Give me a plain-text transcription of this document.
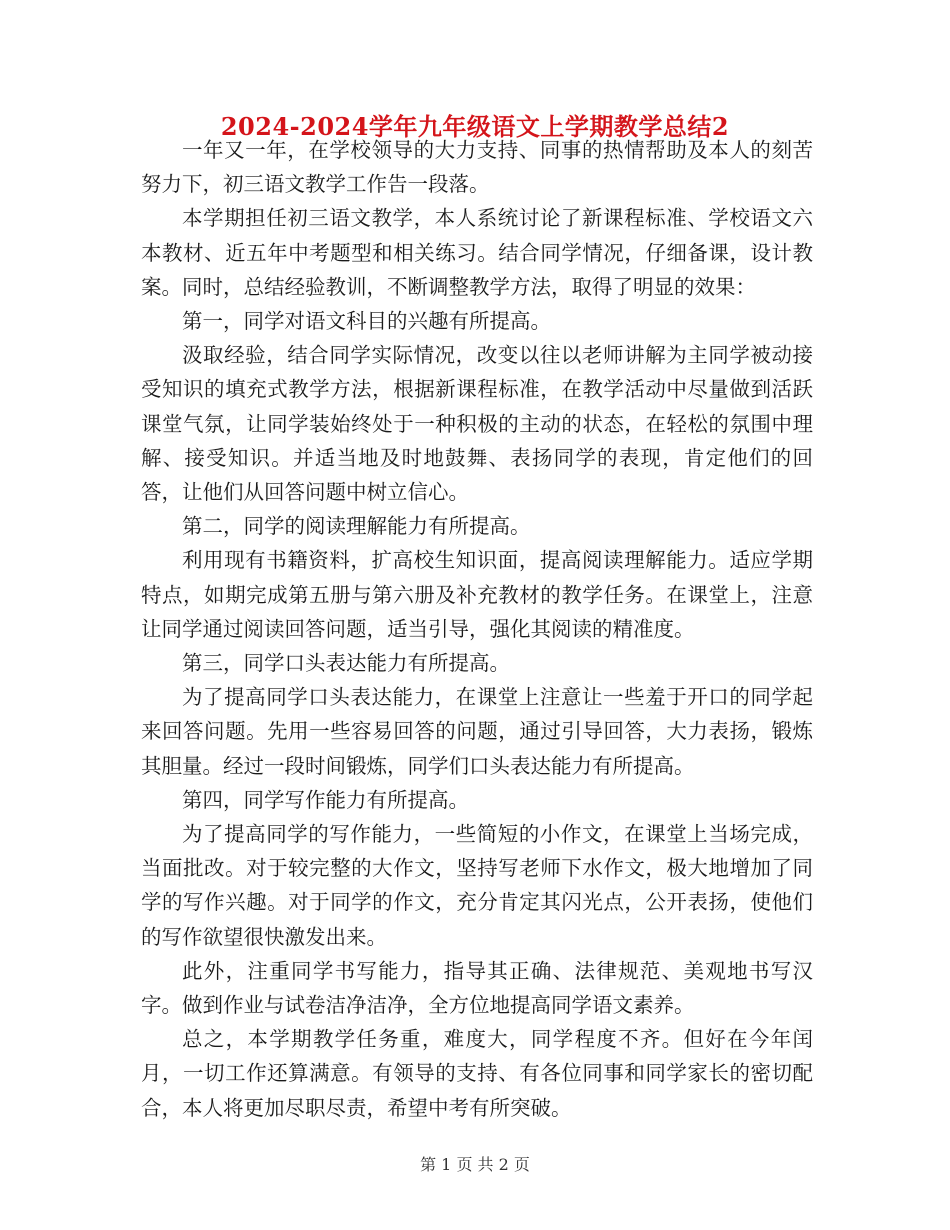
2024-2024学年九年级语文上学期教学总结2

一年又一年，在学校领导的大力支持、同事的热情帮助及本人的刻苦努力下，初三语文教学工作告一段落。

本学期担任初三语文教学，本人系统讨论了新课程标准、学校语文六本教材、近五年中考题型和相关练习。结合同学情况，仔细备课，设计教案。同时，总结经验教训，不断调整教学方法，取得了明显的效果：

第一，同学对语文科目的兴趣有所提高。

汲取经验，结合同学实际情况，改变以往以老师讲解为主同学被动接受知识的填充式教学方法，根据新课程标准，在教学活动中尽量做到活跃课堂气氛，让同学装始终处于一种积极的主动的状态，在轻松的氛围中理解、接受知识。并适当地及时地鼓舞、表扬同学的表现，肯定他们的回答，让他们从回答问题中树立信心。

第二，同学的阅读理解能力有所提高。

利用现有书籍资料，扩高校生知识面，提高阅读理解能力。适应学期特点，如期完成第五册与第六册及补充教材的教学任务。在课堂上，注意让同学通过阅读回答问题，适当引导，强化其阅读的精准度。

第三，同学口头表达能力有所提高。

为了提高同学口头表达能力，在课堂上注意让一些羞于开口的同学起来回答问题。先用一些容易回答的问题，通过引导回答，大力表扬，锻炼其胆量。经过一段时间锻炼，同学们口头表达能力有所提高。

第四，同学写作能力有所提高。

为了提高同学的写作能力，一些简短的小作文，在课堂上当场完成，当面批改。对于较完整的大作文，坚持写老师下水作文，极大地增加了同学的写作兴趣。对于同学的作文，充分肯定其闪光点，公开表扬，使他们的写作欲望很快激发出来。

此外，注重同学书写能力，指导其正确、法律规范、美观地书写汉字。做到作业与试卷洁净洁净，全方位地提高同学语文素养。

总之，本学期教学任务重，难度大，同学程度不齐。但好在今年闰月，一切工作还算满意。有领导的支持、有各位同事和同学家长的密切配合，本人将更加尽职尽责，希望中考有所突破。

第 1 页 共 2 页
